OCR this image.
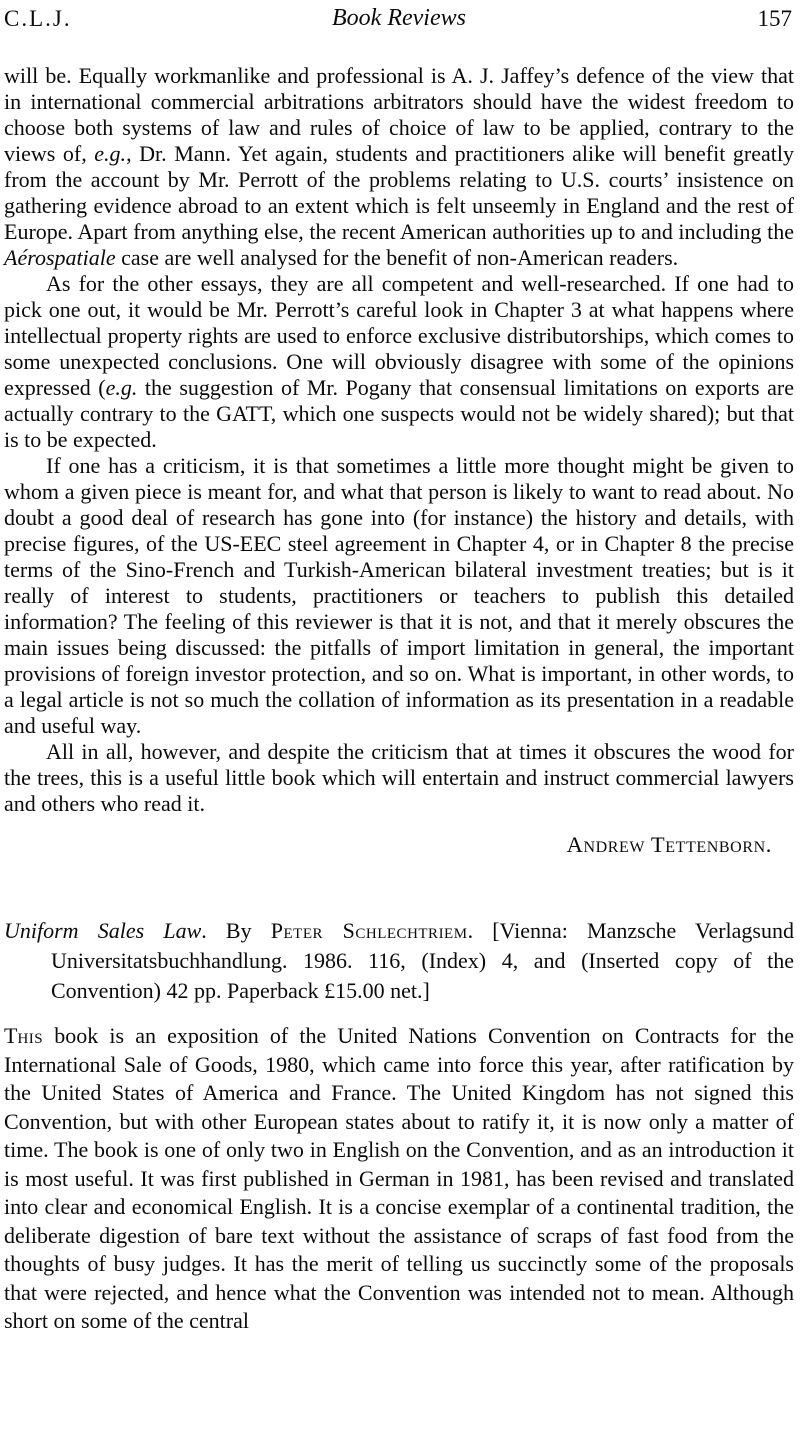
C.L.J.	Book Reviews	157

will be. Equally workmanlike and professional is A. J. Jaffey’s defence of the view that in international commercial arbitrations arbitrators should have the widest freedom to choose both systems of law and rules of choice of law to be applied, contrary to the views of, e.g., Dr. Mann. Yet again, students and practitioners alike will benefit greatly from the account by Mr. Perrott of the problems relating to U.S. courts’ insistence on gathering evidence abroad to an extent which is felt unseemly in England and the rest of Europe. Apart from anything else, the recent American authorities up to and including the Aérospatiale case are well analysed for the benefit of non-American readers.

As for the other essays, they are all competent and well-researched. If one had to pick one out, it would be Mr. Perrott’s careful look in Chapter 3 at what happens where intellectual property rights are used to enforce exclusive distributorships, which comes to some unexpected conclusions. One will obviously disagree with some of the opinions expressed (e.g. the suggestion of Mr. Pogany that consensual limitations on exports are actually contrary to the GATT, which one suspects would not be widely shared); but that is to be expected.

If one has a criticism, it is that sometimes a little more thought might be given to whom a given piece is meant for, and what that person is likely to want to read about. No doubt a good deal of research has gone into (for instance) the history and details, with precise figures, of the US-EEC steel agreement in Chapter 4, or in Chapter 8 the precise terms of the Sino-French and Turkish-American bilateral investment treaties; but is it really of interest to students, practitioners or teachers to publish this detailed information? The feeling of this reviewer is that it is not, and that it merely obscures the main issues being discussed: the pitfalls of import limitation in general, the important provisions of foreign investor protection, and so on. What is important, in other words, to a legal article is not so much the collation of information as its presentation in a readable and useful way.

All in all, however, and despite the criticism that at times it obscures the wood for the trees, this is a useful little book which will entertain and instruct commercial lawyers and others who read it.

Andrew Tettenborn.

Uniform Sales Law. By Peter Schlechtriem. [Vienna: Manzsche Verlagsund Universitatsbuchhandlung. 1986. 116, (Index) 4, and (Inserted copy of the Convention) 42 pp. Paperback £15.00 net.]

This book is an exposition of the United Nations Convention on Contracts for the International Sale of Goods, 1980, which came into force this year, after ratification by the United States of America and France. The United Kingdom has not signed this Convention, but with other European states about to ratify it, it is now only a matter of time. The book is one of only two in English on the Convention, and as an introduction it is most useful. It was first published in German in 1981, has been revised and translated into clear and economical English. It is a concise exemplar of a continental tradition, the deliberate digestion of bare text without the assistance of scraps of fast food from the thoughts of busy judges. It has the merit of telling us succinctly some of the proposals that were rejected, and hence what the Convention was intended not to mean. Although short on some of the central
